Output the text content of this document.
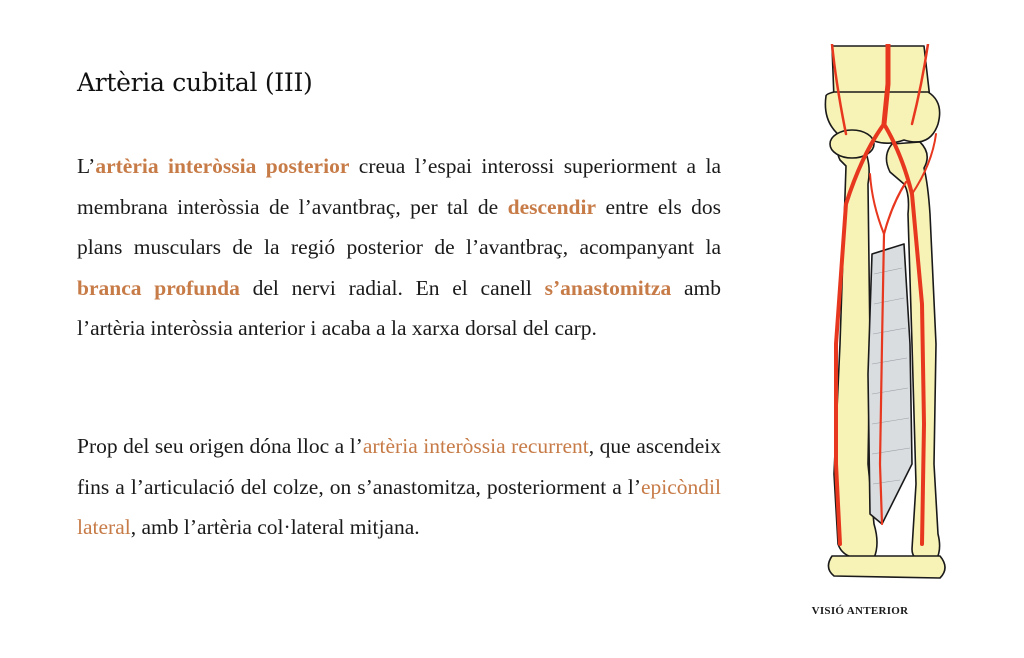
Artèria cubital (III)

L’artèria interòssia posterior creua l’espai interossi superiorment a la membrana interòssia de l’avantbraç, per tal de descendir entre els dos plans musculars de la regió posterior de l’avantbraç, acompanyant la branca profunda del nervi radial. En el canell s’anastomitza amb l’artèria interòssia anterior i acaba a la xarxa dorsal del carp.

Prop del seu origen dóna lloc a l’artèria interòssia recurrent, que ascendeix fins a l’articulació del colze, on s’anastomitza, posteriorment a l’epicòndil lateral, amb l’artèria col·lateral mitjana.

VISIÓ ANTERIOR
